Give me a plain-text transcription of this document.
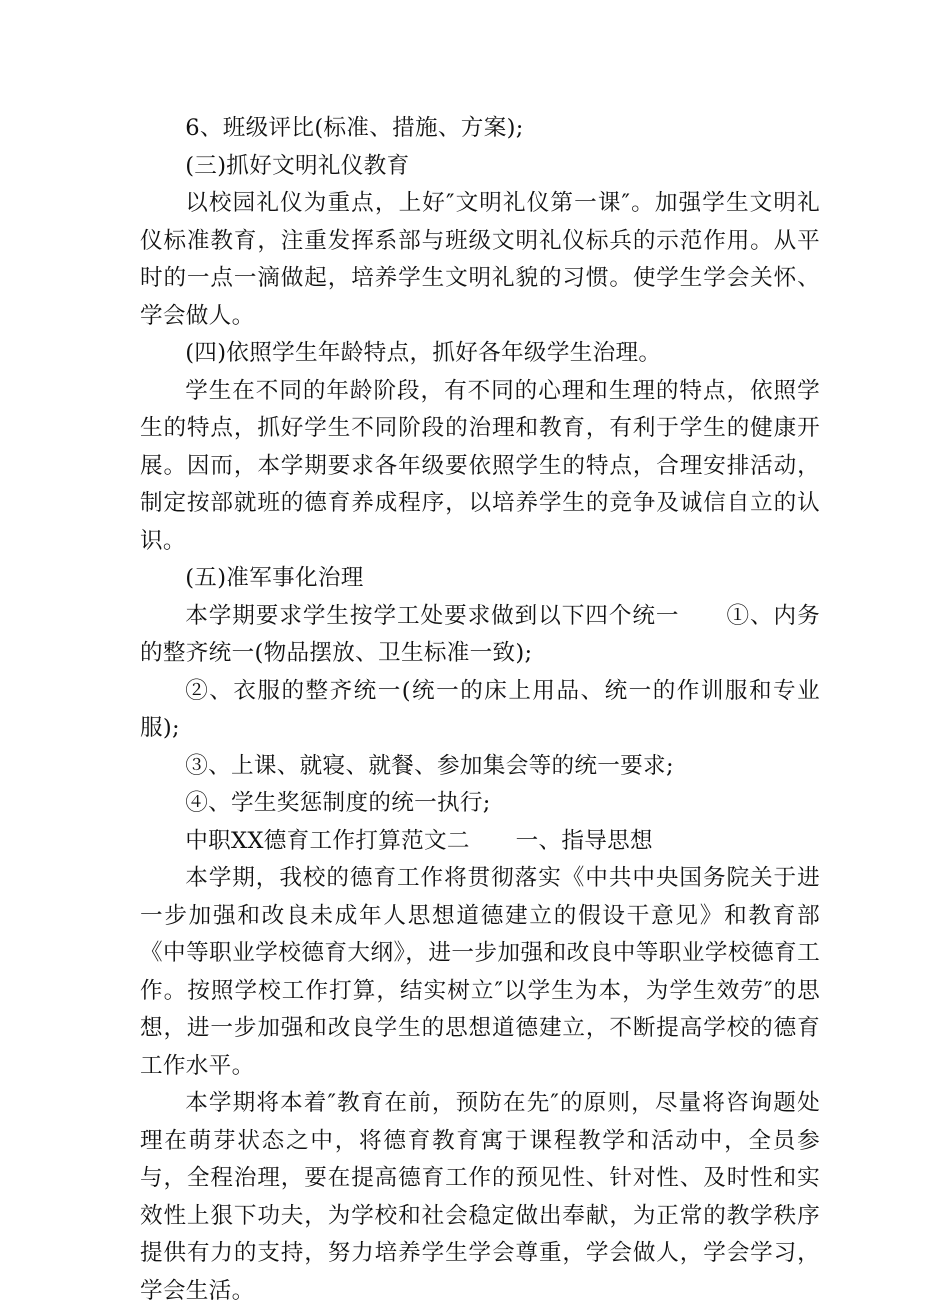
6、班级评比(标准、措施、方案);

(三)抓好文明礼仪教育

以校园礼仪为重点，上好″文明礼仪第一课″。加强学生文明礼仪标准教育，注重发挥系部与班级文明礼仪标兵的示范作用。从平时的一点一滴做起，培养学生文明礼貌的习惯。使学生学会关怀、学会做人。

(四)依照学生年龄特点，抓好各年级学生治理。

学生在不同的年龄阶段，有不同的心理和生理的特点，依照学生的特点，抓好学生不同阶段的治理和教育，有利于学生的健康开展。因而，本学期要求各年级要依照学生的特点，合理安排活动，制定按部就班的德育养成程序，以培养学生的竞争及诚信自立的认识。

(五)准军事化治理

本学期要求学生按学工处要求做到以下四个统一　　①、内务的整齐统一(物品摆放、卫生标准一致);

②、衣服的整齐统一(统一的床上用品、统一的作训服和专业服);

③、上课、就寝、就餐、参加集会等的统一要求;

④、学生奖惩制度的统一执行;

中职XX德育工作打算范文二　　一、指导思想

本学期，我校的德育工作将贯彻落实《中共中央国务院关于进一步加强和改良未成年人思想道德建立的假设干意见》和教育部《中等职业学校德育大纲》，进一步加强和改良中等职业学校德育工作。按照学校工作打算，结实树立″以学生为本，为学生效劳″的思想，进一步加强和改良学生的思想道德建立，不断提高学校的德育工作水平。

本学期将本着″教育在前，预防在先″的原则，尽量将咨询题处理在萌芽状态之中，将德育教育寓于课程教学和活动中，全员参与，全程治理，要在提高德育工作的预见性、针对性、及时性和实效性上狠下功夫，为学校和社会稳定做出奉献，为正常的教学秩序提供有力的支持，努力培养学生学会尊重，学会做人，学会学习，学会生活。
